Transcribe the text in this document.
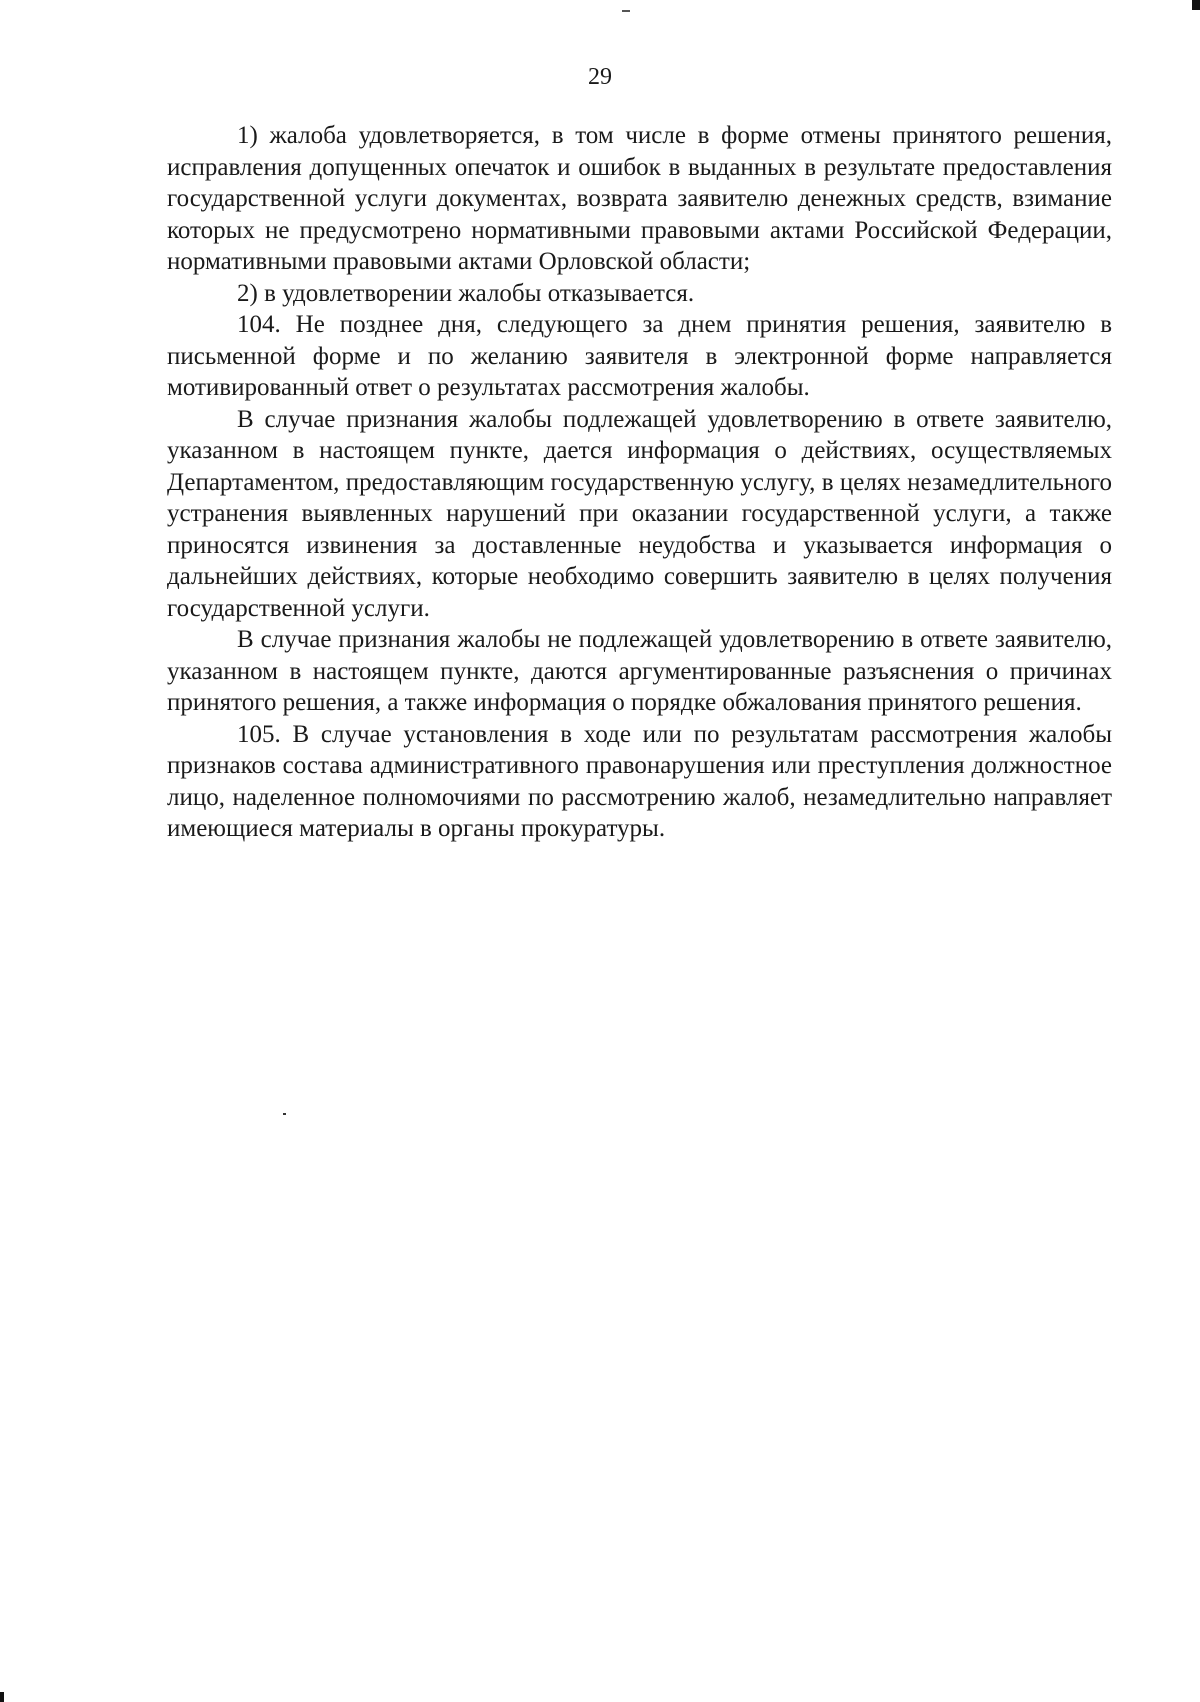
29

1) жалоба удовлетворяется, в том числе в форме отмены принятого решения, исправления допущенных опечаток и ошибок в выданных в результате предоставления государственной услуги документах, возврата заявителю денежных средств, взимание которых не предусмотрено нормативными правовыми актами Российской Федерации, нормативными правовыми актами Орловской области;

2) в удовлетворении жалобы отказывается.

104. Не позднее дня, следующего за днем принятия решения, заявителю в письменной форме и по желанию заявителя в электронной форме направляется мотивированный ответ о результатах рассмотрения жалобы.

В случае признания жалобы подлежащей удовлетворению в ответе заявителю, указанном в настоящем пункте, дается информация о действиях, осуществляемых Департаментом, предоставляющим государственную услугу, в целях незамедлительного устранения выявленных нарушений при оказании государственной услуги, а также приносятся извинения за доставленные неудобства и указывается информация о дальнейших действиях, которые необходимо совершить заявителю в целях получения государственной услуги.

В случае признания жалобы не подлежащей удовлетворению в ответе заявителю, указанном в настоящем пункте, даются аргументированные разъяснения о причинах принятого решения, а также информация о порядке обжалования принятого решения.

105. В случае установления в ходе или по результатам рассмотрения жалобы признаков состава административного правонарушения или преступления должностное лицо, наделенное полномочиями по рассмотрению жалоб, незамедлительно направляет имеющиеся материалы в органы прокуратуры.
